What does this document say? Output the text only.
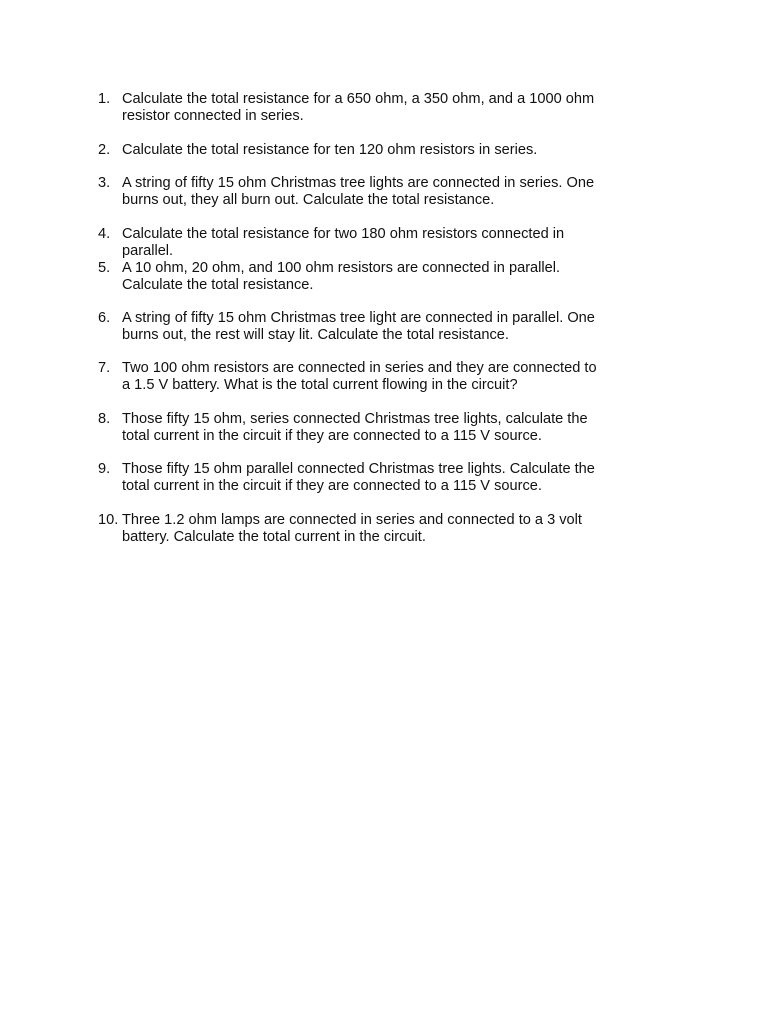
1. Calculate the total resistance for a 650 ohm, a 350 ohm, and a 1000 ohm
resistor connected in series.
2. Calculate the total resistance for ten 120 ohm resistors in series.
3. A string of fifty 15 ohm Christmas tree lights are connected in series. One
burns out, they all burn out. Calculate the total resistance.
4. Calculate the total resistance for two 180 ohm resistors connected in
parallel.
5. A 10 ohm, 20 ohm, and 100 ohm resistors are connected in parallel.
Calculate the total resistance.
6. A string of fifty 15 ohm Christmas tree light are connected in parallel. One
burns out, the rest will stay lit. Calculate the total resistance.
7. Two 100 ohm resistors are connected in series and they are connected to
a 1.5 V battery. What is the total current flowing in the circuit?
8. Those fifty 15 ohm, series connected Christmas tree lights, calculate the
total current in the circuit if they are connected to a 115 V source.
9. Those fifty 15 ohm parallel connected Christmas tree lights. Calculate the
total current in the circuit if they are connected to a 115 V source.
10. Three 1.2 ohm lamps are connected in series and connected to a 3 volt
battery. Calculate the total current in the circuit.
